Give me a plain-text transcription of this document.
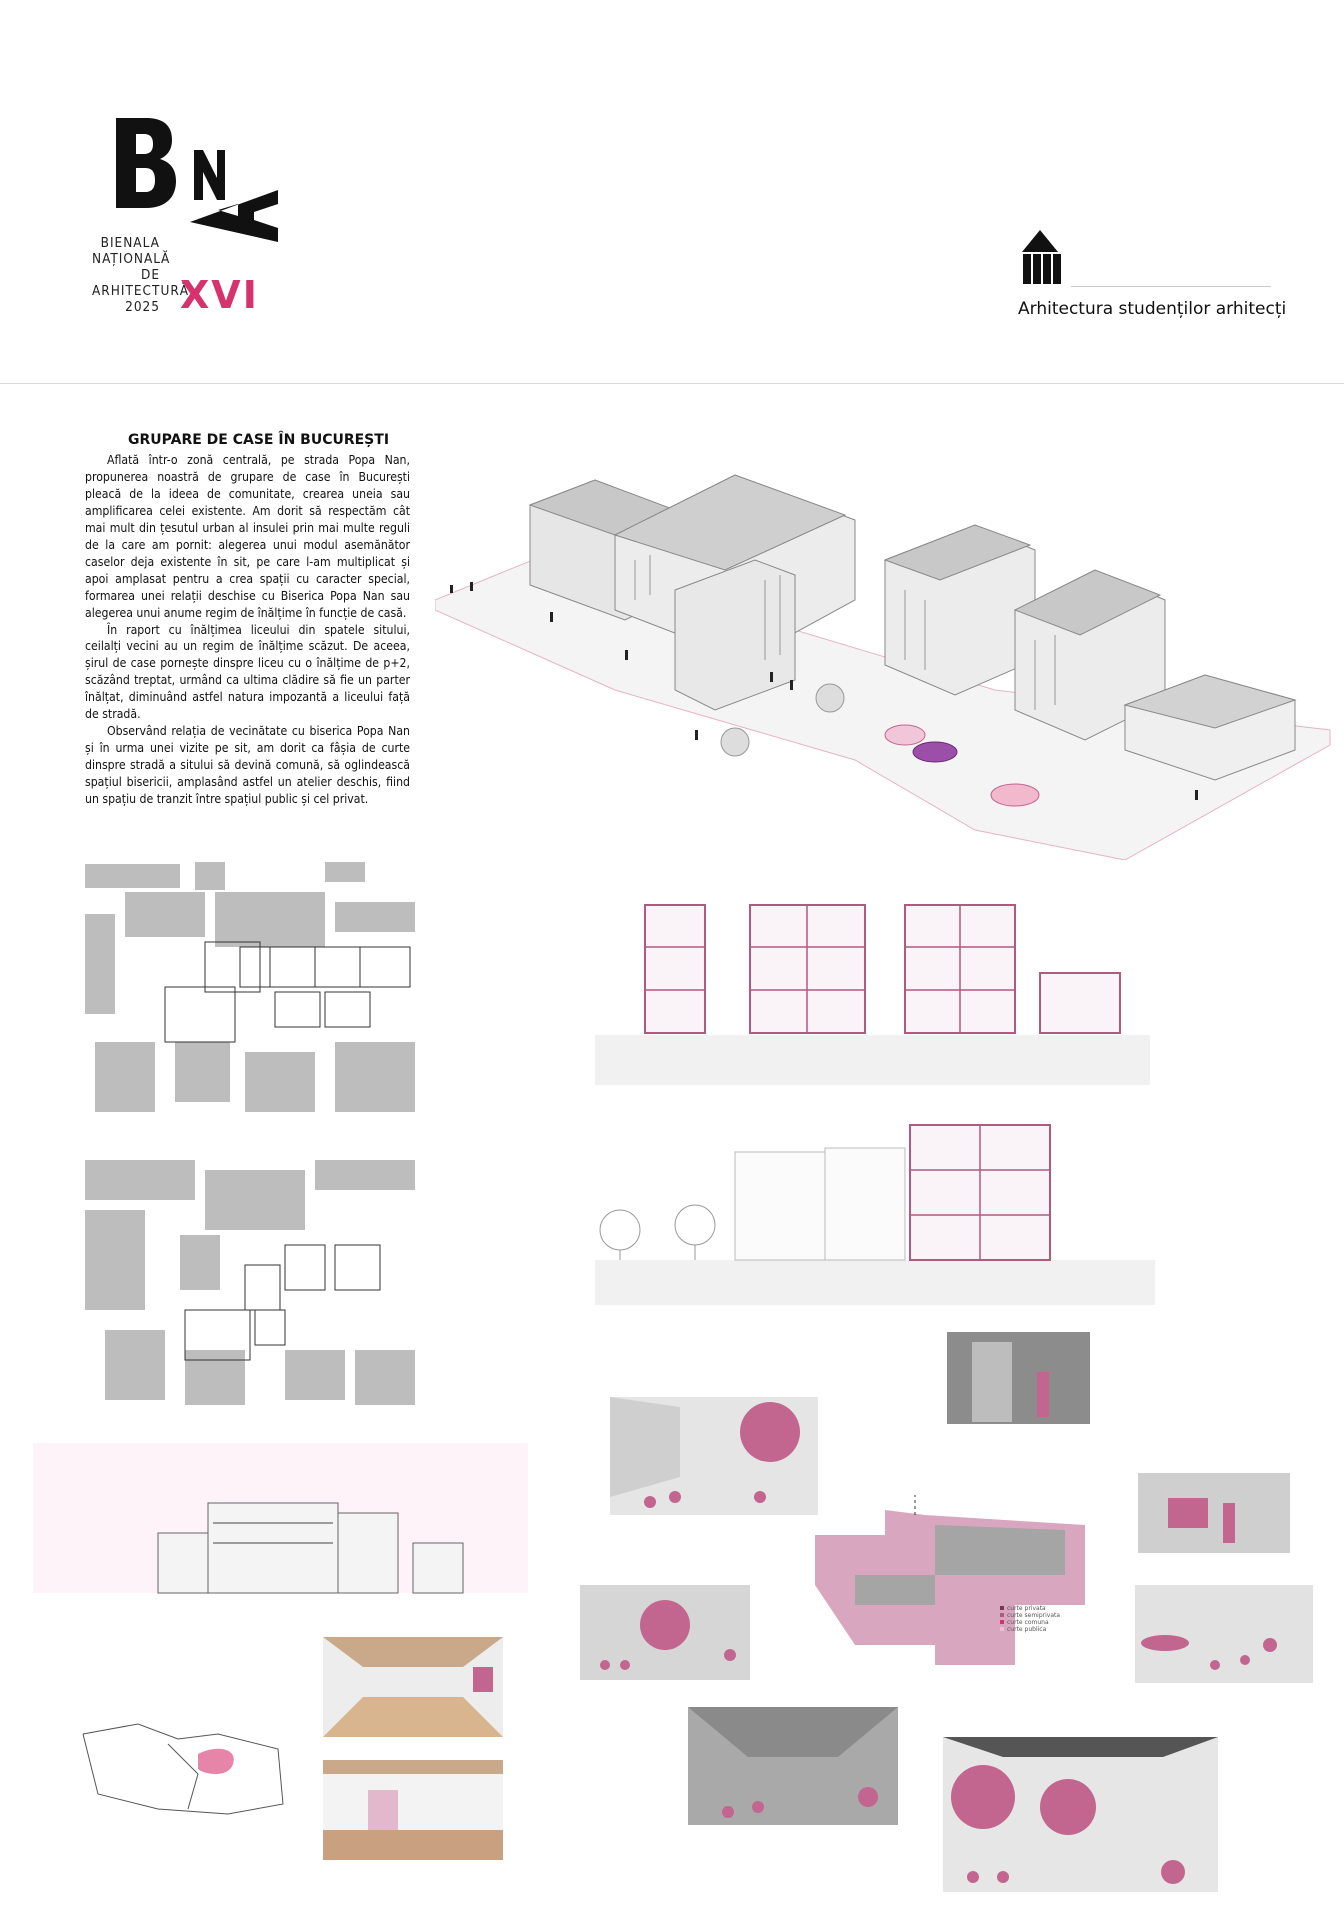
BIENALA
NAȚIONALĂ
DE
ARHITECTURĂ
2025 XVI	Arhitectura studenților arhitecți
GRUPARE DE CASE ÎN BUCUREȘTI

Aflată într-o zonă centrală, pe strada Popa Nan, propunerea noastră de grupare de case în București pleacă de la ideea de comunitate, crearea uneia sau amplificarea celei existente. Am dorit să respectăm cât mai mult din țesutul urban al insulei prin mai multe reguli de la care am pornit: alegerea unui modul asemănător caselor deja existente în sit, pe care l-am multiplicat și apoi amplasat pentru a crea spații cu caracter special, formarea unei relații deschise cu Biserica Popa Nan sau alegerea unui anume regim de înălțime în funcție de casă.

În raport cu înălțimea liceului din spatele sitului, ceilalți vecini au un regim de înălțime scăzut. De aceea, șirul de case pornește dinspre liceu cu o înălțime de p+2, scăzând treptat, urmând ca ultima clădire să fie un parter înălțat, diminuând astfel natura impozantă a liceului față de stradă.

Observând relația de vecinătate cu biserica Popa Nan și în urma unei vizite pe sit, am dorit ca fâșia de curte dinspre stradă a sitului să devină comună, să oglindească spațiul bisericii, amplasând astfel un atelier deschis, fiind un spațiu de tranzit între spațiul public și cel privat.

curte privata
curte semiprivata
curte comuna
curte publica
